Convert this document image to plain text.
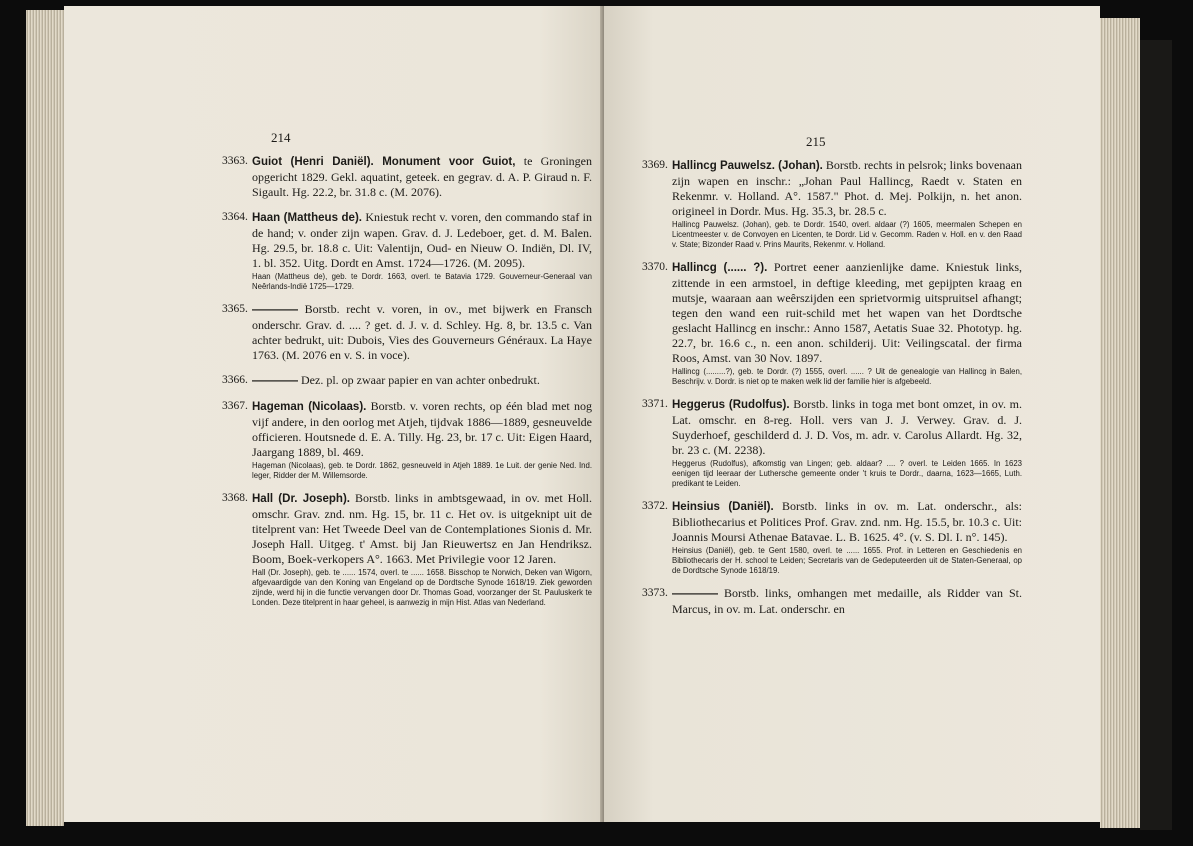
214
3363. Guiot (Henri Daniël). Monument voor Guiot, te Groningen opgericht 1829. Gekl. aquatint, geteek. en gegrav. d. A. P. Giraud n. F. Sigault. Hg. 22.2, br. 31.8 c. (M. 2076).
3364. Haan (Mattheus de). Kniestuk recht v. voren, den commando staf in de hand; v. onder zijn wapen. Grav. d. J. Ledeboer, get. d. M. Balen. Hg. 29.5, br. 18.8 c. Uit: Valentijn, Oud- en Nieuw O. Indiën, Dl. IV, 1. bl. 352. Uitg. Dordt en Amst. 1724—1726. (M. 2095).
Haan (Mattheus de), geb. te Dordr. 1663, overl. te Batavia 1729. Gouverneur-Generaal van Neêrlands-Indië 1725—1729.
3365. ———— Borstb. recht v. voren, in ov., met bijwerk en Fransch onderschr. Grav. d. .... ? get. d. J. v. d. Schley. Hg. 8, br. 13.5 c. Van achter bedrukt, uit: Dubois, Vies des Gouverneurs Généraux. La Haye 1763. (M. 2076 en v. S. in voce).
3366. ———— Dez. pl. op zwaar papier en van achter onbedrukt.
3367. Hageman (Nicolaas). Borstb. v. voren rechts, op één blad met nog vijf andere, in den oorlog met Atjeh, tijdvak 1886—1889, gesneuvelde officieren. Houtsnede d. E. A. Tilly. Hg. 23, br. 17 c. Uit: Eigen Haard, Jaargang 1889, bl. 469.
Hageman (Nicolaas), geb. te Dordr. 1862, gesneuveld in Atjeh 1889. 1e Luit. der genie Ned. Ind. leger, Ridder der M. Willemsorde.
3368. Hall (Dr. Joseph). Borstb. links in ambtsgewaad, in ov. met Holl. omschr. Grav. znd. nm. Hg. 15, br. 11 c. Het ov. is uitgeknipt uit de titelprent van: Het Tweede Deel van de Contemplationes Sionis d. Mr. Joseph Hall. Uitgeg. t' Amst. bij Jan Rieuwertsz en Jan Hendriksz. Boom, Boek-verkopers A°. 1663. Met Privilegie voor 12 Jaren.
Hall (Dr. Joseph), geb. te ...... 1574, overl. te ...... 1658. Bisschop te Norwich, Deken van Wigorn, afgevaardigde van den Koning van Engeland op de Dordtsche Synode 1618/19. Ziek geworden zijnde, werd hij in die functie vervangen door Dr. Thomas Goad, voorzanger der St. Pauluskerk te Londen. Deze titelprent in haar geheel, is aanwezig in mijn Hist. Atlas van Nederland.
215
3369. Hallincg Pauwelsz. (Johan). Borstb. rechts in pelsrok; links bovenaan zijn wapen en inschr.: „Johan Paul Hallincg, Raedt v. Staten en Rekenmr. v. Holland. A°. 1587." Phot. d. Mej. Polkijn, n. het anon. origineel in Dordr. Mus. Hg. 35.3, br. 28.5 c.
Hallincg Pauwelsz. (Johan), geb. te Dordr. 1540, overl. aldaar (?) 1605, meermalen Schepen en Licentmeester v. de Convoyen en Licenten, te Dordr. Lid v. Gecomm. Raden v. Holl. en v. den Raad v. State; Bizonder Raad v. Prins Maurits, Rekenmr. v. Holland.
3370. Hallincg (...... ?). Portret eener aanzienlijke dame. Kniestuk links, zittende in een armstoel, in deftige kleeding, met gepijpten kraag en mutsje, waaraan aan weêrszijden een sprietvormig uitspruitsel afhangt; tegen den wand een ruit-schild met het wapen van het Dordtsche geslacht Hallincg en inschr.: Anno 1587, Aetatis Suae 32. Phototyp. hg. 22.7, br. 16.6 c., n. een anon. schilderij. Uit: Veilingscatal. der firma Roos, Amst. van 30 Nov. 1897.
Hallincg (.........?), geb. te Dordr. (?) 1555, overl. ...... ? Uit de genealogie van Hallincg in Balen, Beschrijv. v. Dordr. is niet op te maken welk lid der familie hier is afgebeeld.
3371. Heggerus (Rudolfus). Borstb. links in toga met bont omzet, in ov. m. Lat. omschr. en 8-reg. Holl. vers van J. J. Verwey. Grav. d. J. Suyderhoef, geschilderd d. J. D. Vos, m. adr. v. Carolus Allardt. Hg. 32, br. 23 c. (M. 2238).
Heggerus (Rudolfus), afkomstig van Lingen; geb. aldaar? .... ? overl. te Leiden 1665. In 1623 eenigen tijd leeraar der Luthersche gemeente onder 't kruis te Dordr., daarna, 1623—1665, Luth. predikant te Leiden.
3372. Heinsius (Daniël). Borstb. links in ov. m. Lat. onderschr., als: Bibliothecarius et Politices Prof. Grav. znd. nm. Hg. 15.5, br. 10.3 c. Uit: Joannis Moursi Athenae Batavae. L. B. 1625. 4°. (v. S. Dl. I. n°. 145).
Heinsius (Daniël), geb. te Gent 1580, overl. te ...... 1655. Prof. in Letteren en Geschiedenis en Bibliothecaris der H. school te Leiden; Secretaris van de Gedeputeerden uit de Staten-Generaal, op de Dordtsche Synode 1618/19.
3373. ———— Borstb. links, omhangen met medaille, als Ridder van St. Marcus, in ov. m. Lat. onderschr. en
